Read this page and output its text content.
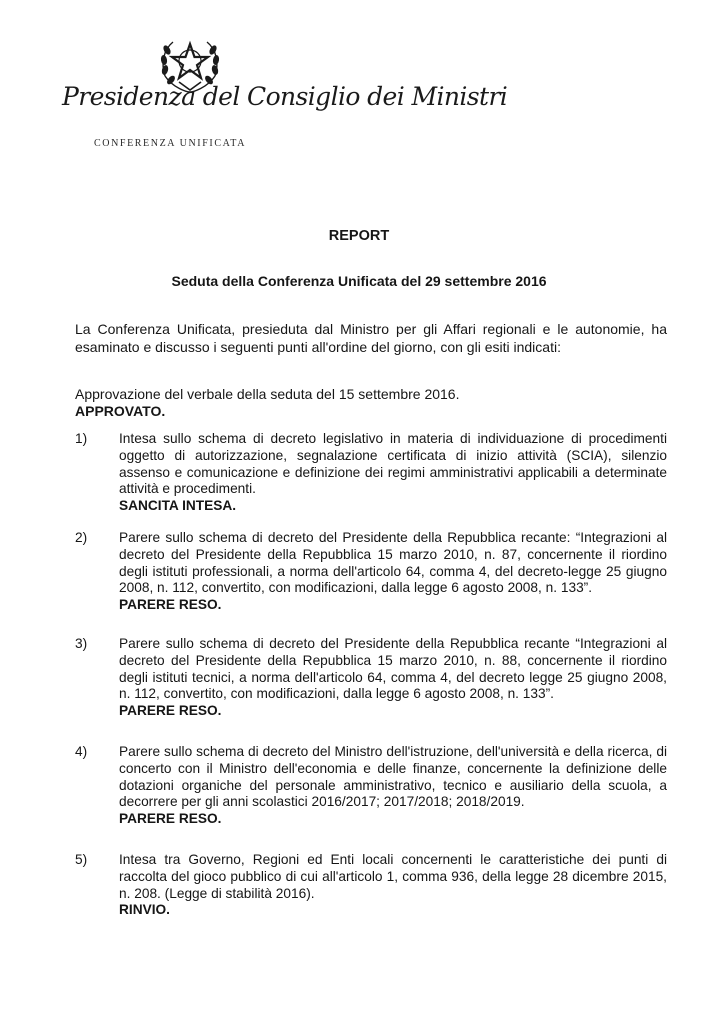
Presidenza del Consiglio dei Ministri
CONFERENZA UNIFICATA
REPORT
Seduta della Conferenza Unificata del 29 settembre 2016
La Conferenza Unificata, presieduta dal Ministro per gli Affari regionali e le autonomie, ha esaminato e discusso i seguenti punti all'ordine del giorno, con gli esiti indicati:
Approvazione del verbale della seduta del 15 settembre 2016.
APPROVATO.
1) Intesa sullo schema di decreto legislativo in materia di individuazione di procedimenti oggetto di autorizzazione, segnalazione certificata di inizio attività (SCIA), silenzio assenso e comunicazione e definizione dei regimi amministrativi applicabili a determinate attività e procedimenti.
SANCITA INTESA.
2) Parere sullo schema di decreto del Presidente della Repubblica recante: “Integrazioni al decreto del Presidente della Repubblica 15 marzo 2010, n. 87, concernente il riordino degli istituti professionali, a norma dell'articolo 64, comma 4, del decreto-legge 25 giugno 2008, n. 112, convertito, con modificazioni, dalla legge 6 agosto 2008, n. 133”.
PARERE RESO.
3) Parere sullo schema di decreto del Presidente della Repubblica recante “Integrazioni al decreto del Presidente della Repubblica 15 marzo 2010, n. 88, concernente il riordino degli istituti tecnici, a norma dell'articolo 64, comma 4, del decreto legge 25 giugno 2008, n. 112, convertito, con modificazioni, dalla legge 6 agosto 2008, n. 133”.
PARERE RESO.
4) Parere sullo schema di decreto del Ministro dell'istruzione, dell'università e della ricerca, di concerto con il Ministro dell'economia e delle finanze, concernente la definizione delle dotazioni organiche del personale amministrativo, tecnico e ausiliario della scuola, a decorrere per gli anni scolastici 2016/2017; 2017/2018; 2018/2019.
PARERE RESO.
5) Intesa tra Governo, Regioni ed Enti locali concernenti le caratteristiche dei punti di raccolta del gioco pubblico di cui all'articolo 1, comma 936, della legge 28 dicembre 2015, n. 208. (Legge di stabilità 2016).
RINVIO.
